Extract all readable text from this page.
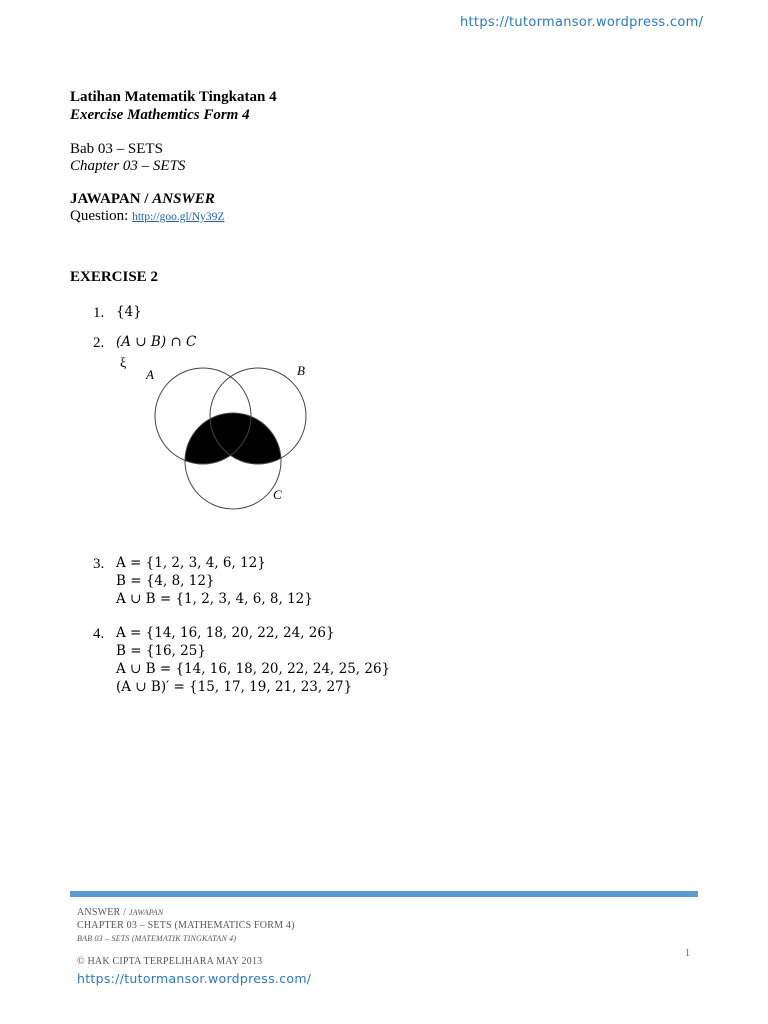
https://tutormansor.wordpress.com/
Latihan Matematik Tingkatan 4
Exercise Mathemtics Form 4
Bab 03 – SETS
Chapter 03 – SETS
JAWAPAN / ANSWER
Question: http://goo.gl/Ny39Z
EXERCISE 2
1. {4}
2. (A ∪ B) ∩ C
ξ
A	B
C
3. A = {1, 2, 3, 4, 6, 12}
B = {4, 8, 12}
A ∪ B = {1, 2, 3, 4, 6, 8, 12}
4. A = {14, 16, 18, 20, 22, 24, 26}
B = {16, 25}
A ∪ B = {14, 16, 18, 20, 22, 24, 25, 26}
(A ∪ B)′ = {15, 17, 19, 21, 23, 27}
ANSWER / JAWAPAN
CHAPTER 03 – SETS (MATHEMATICS FORM 4)
BAB 03 – SETS (MATEMATIK TINGKATAN 4)
1
© HAK CIPTA TERPELIHARA MAY 2013
https://tutormansor.wordpress.com/
